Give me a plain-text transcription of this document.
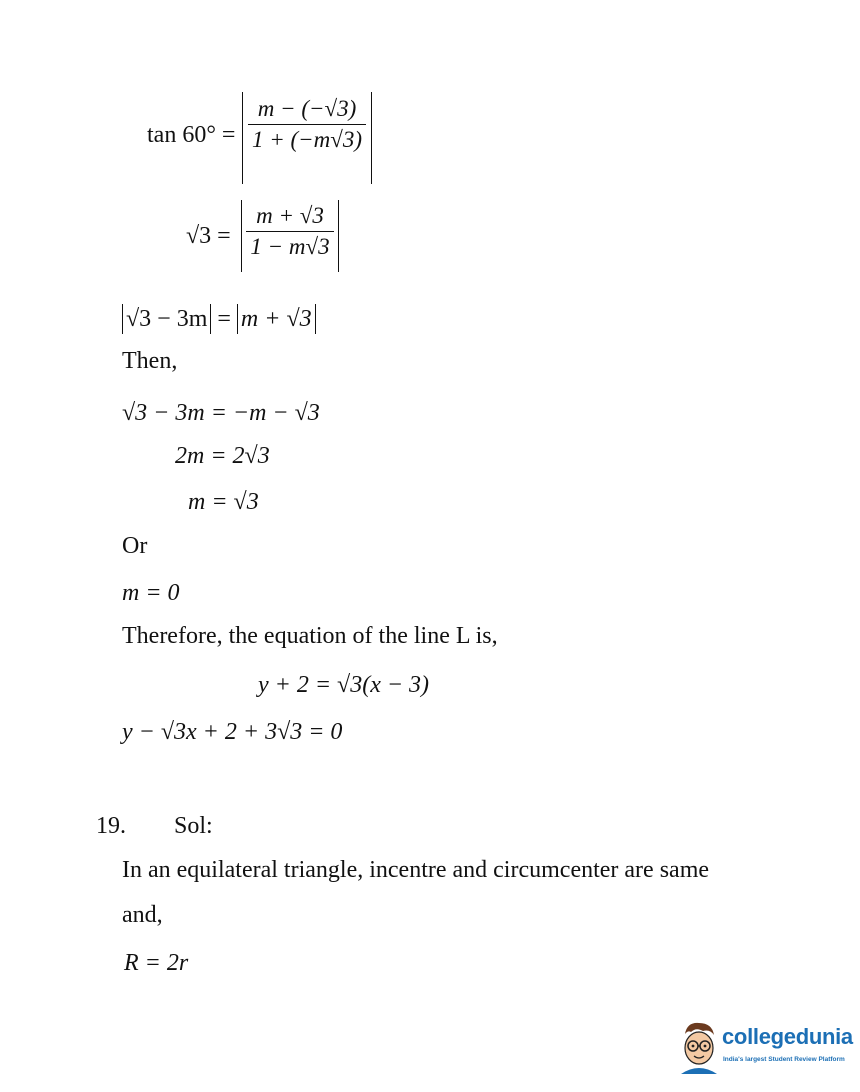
tan 60° =
m − (−√3)
1 + (−m√3)
√3 =
m + √3
1 − m√3
√3 − 3m = m + √3
Then,
√3 − 3m = −m − √3
2m = 2√3
m = √3
Or
m = 0
Therefore, the equation of the line L is,
y + 2 = √3(x − 3)
y − √3x + 2 + 3√3 = 0
19. Sol:
In an equilateral triangle, incentre and circumcenter are same
and,
R = 2r
collegedunia
India's largest Student Review Platform
